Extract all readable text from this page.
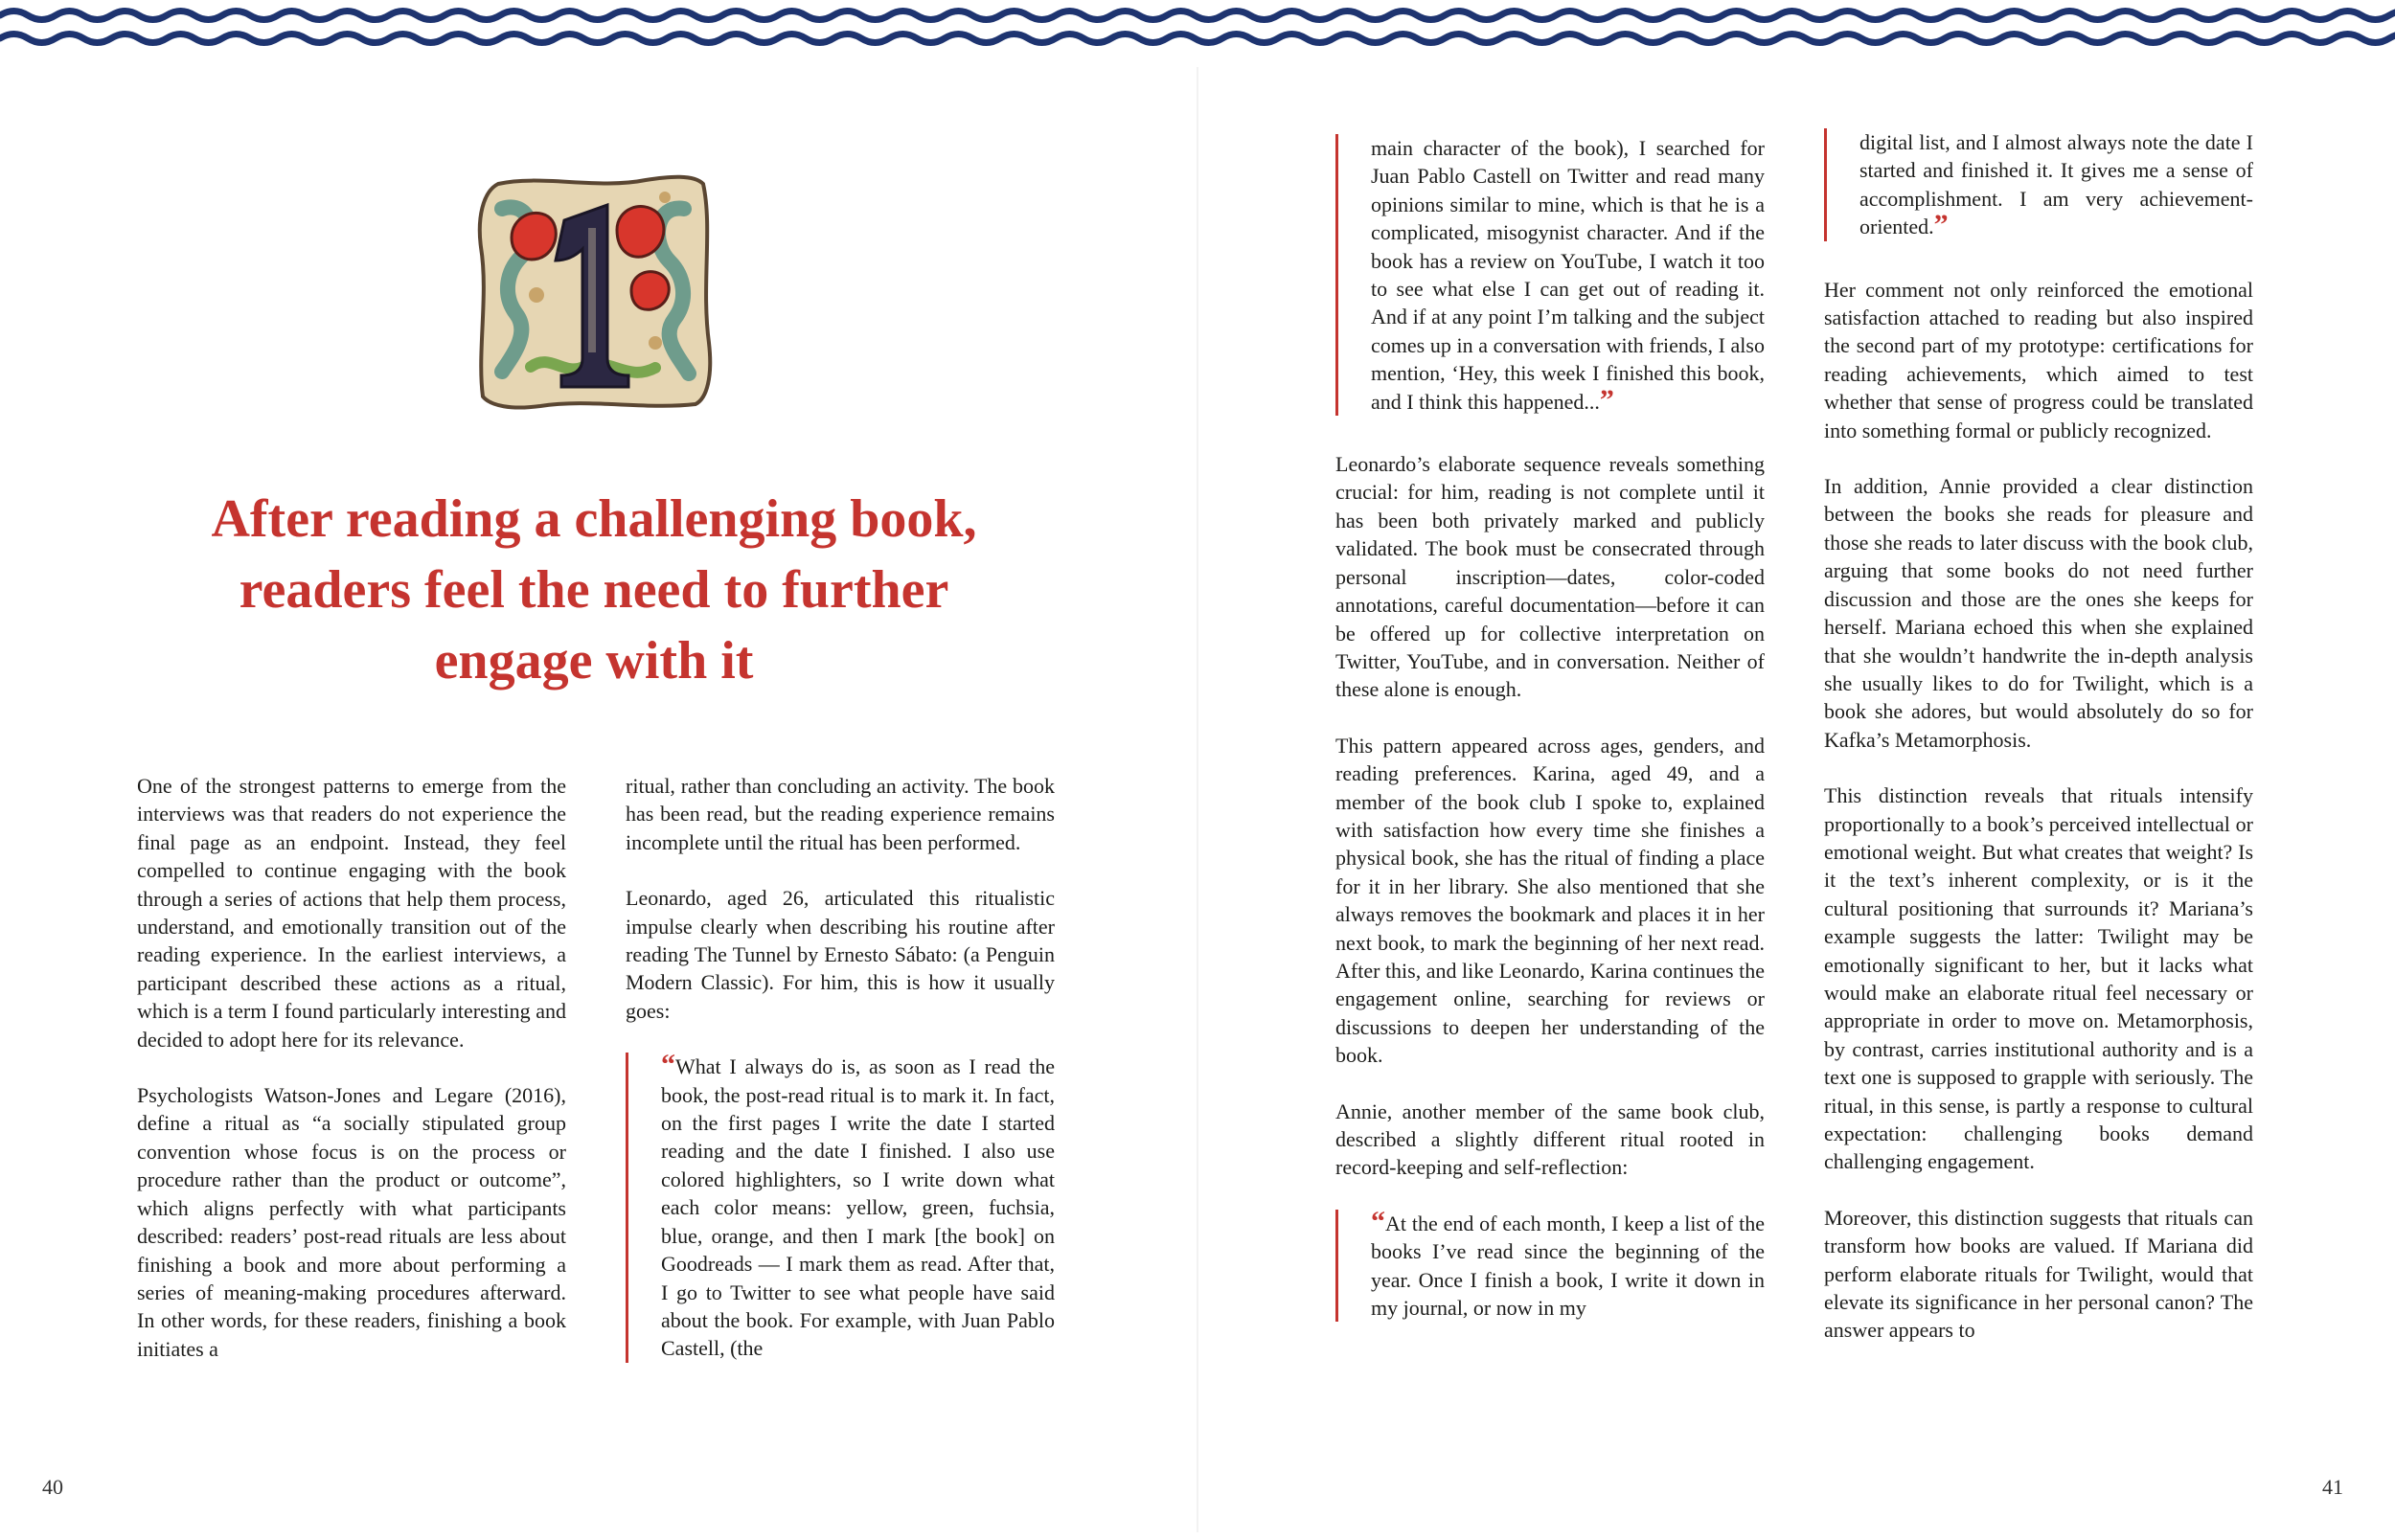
After reading a challenging book,
readers feel the need to further
engage with it

One of the strongest patterns to emerge from the interviews was that readers do not experience the final page as an endpoint. Instead, they feel compelled to continue engaging with the book through a series of actions that help them process, understand, and emotionally transition out of the reading experience. In the earliest interviews, a participant described these actions as a ritual, which is a term I found particularly interesting and decided to adopt here for its relevance.

Psychologists Watson-Jones and Legare (2016), define a ritual as “a socially stipulated group convention whose focus is on the process or procedure rather than the product or outcome”, which aligns perfectly with what participants described: readers’ post-read rituals are less about finishing a book and more about performing a series of meaning-making procedures afterward. In other words, for these readers, finishing a book initiates a

ritual, rather than concluding an activity. The book has been read, but the reading experience remains incomplete until the ritual has been performed.

Leonardo, aged 26, articulated this ritualistic impulse clearly when describing his routine after reading The Tunnel by Ernesto Sábato: (a Penguin Modern Classic). For him, this is how it usually goes:

“What I always do is, as soon as I read the book, the post-read ritual is to mark it. In fact, on the first pages I write the date I started reading and the date I finished. I also use colored highlighters, so I write down what each color means: yellow, green, fuchsia, blue, orange, and then I mark [the book] on Goodreads — I mark them as read. After that, I go to Twitter to see what people have said about the book. For example, with Juan Pablo Castell, (the
40
main character of the book), I searched for Juan Pablo Castell on Twitter and read many opinions similar to mine, which is that he is a complicated, misogynist character. And if the book has a review on YouTube, I watch it too to see what else I can get out of reading it. And if at any point I’m talking and the subject comes up in a conversation with friends, I also mention, ‘Hey, this week I finished this book, and I think this happened...”

Leonardo’s elaborate sequence reveals something crucial: for him, reading is not complete until it has been both privately marked and publicly validated. The book must be consecrated through personal inscription—dates, color-coded annotations, careful documentation—before it can be offered up for collective interpretation on Twitter, YouTube, and in conversation. Neither of these alone is enough.

This pattern appeared across ages, genders, and reading preferences. Karina, aged 49, and a member of the book club I spoke to, explained with satisfaction how every time she finishes a physical book, she has the ritual of finding a place for it in her library. She also mentioned that she always removes the bookmark and places it in her next book, to mark the beginning of her next read. After this, and like Leonardo, Karina continues the engagement online, searching for reviews or discussions to deepen her understanding of the book.

Annie, another member of the same book club, described a slightly different ritual rooted in record-keeping and self-reflection:

“At the end of each month, I keep a list of the books I’ve read since the beginning of the year. Once I finish a book, I write it down in my journal, or now in my
digital list, and I almost always note the date I started and finished it. It gives me a sense of accomplishment. I am very achievement-oriented.”

Her comment not only reinforced the emotional satisfaction attached to reading but also inspired the second part of my prototype: certifications for reading achievements, which aimed to test whether that sense of progress could be translated into something formal or publicly recognized.

In addition, Annie provided a clear distinction between the books she reads for pleasure and those she reads to later discuss with the book club, arguing that some books do not need further discussion and those are the ones she keeps for herself. Mariana echoed this when she explained that she wouldn’t handwrite the in-depth analysis she usually likes to do for Twilight, which is a book she adores, but would absolutely do so for Kafka’s Metamorphosis.

This distinction reveals that rituals intensify proportionally to a book’s perceived intellectual or emotional weight. But what creates that weight? Is it the text’s inherent complexity, or is it the cultural positioning that surrounds it? Mariana’s example suggests the latter: Twilight may be emotionally significant to her, but it lacks what would make an elaborate ritual feel necessary or appropriate in order to move on. Metamorphosis, by contrast, carries institutional authority and is a text one is supposed to grapple with seriously. The ritual, in this sense, is partly a response to cultural expectation: challenging books demand challenging engagement.

Moreover, this distinction suggests that rituals can transform how books are valued. If Mariana did perform elaborate rituals for Twilight, would that elevate its significance in her personal canon? The answer appears to

41
